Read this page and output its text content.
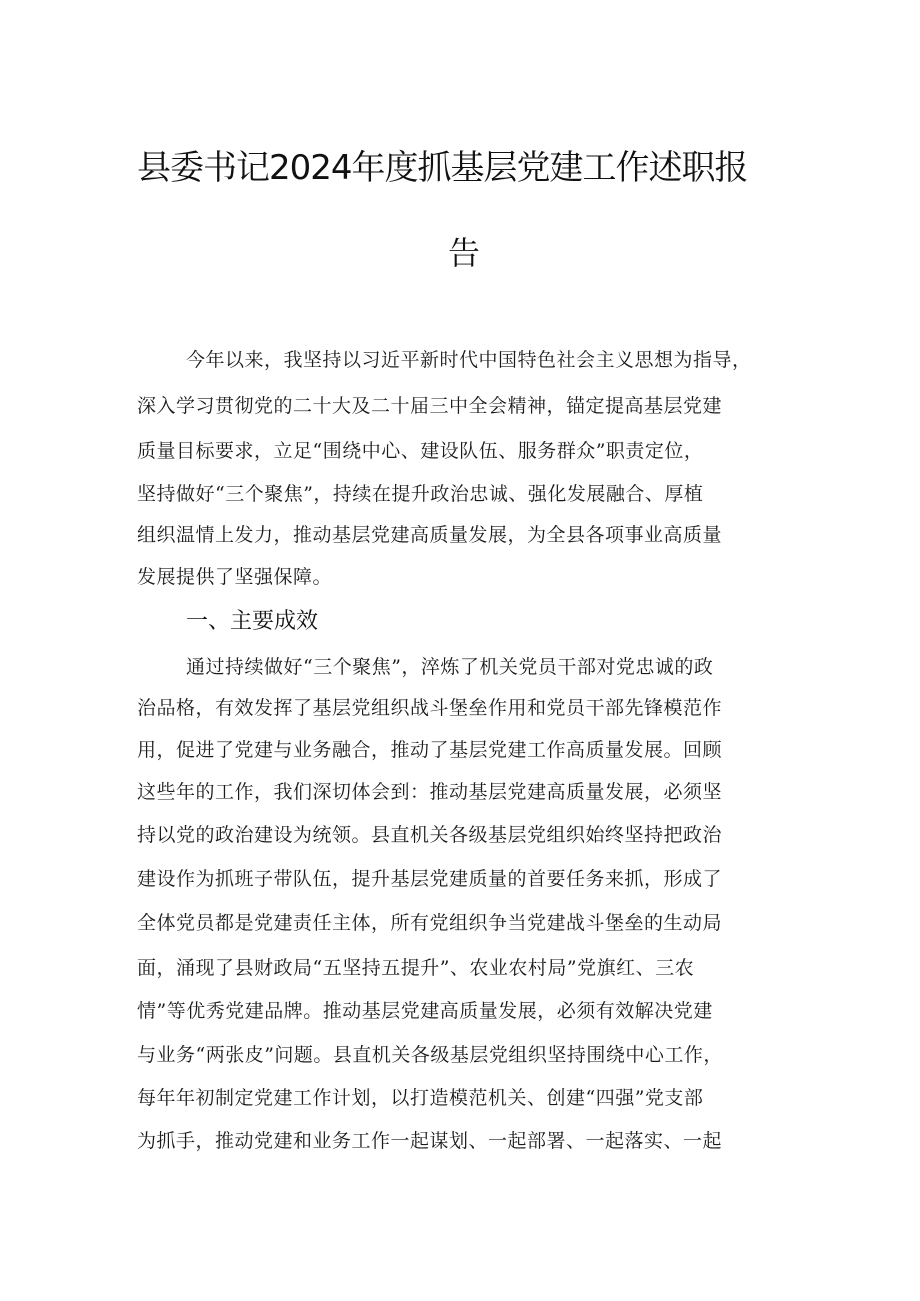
县委书记2024年度抓基层党建工作述职报
告

今年以来，我坚持以习近平新时代中国特色社会主义思想为指导，

深入学习贯彻党的二十大及二十届三中全会精神，锚定提高基层党建

质量目标要求，立足“围绕中心、建设队伍、服务群众”职责定位，

坚持做好“三个聚焦”，持续在提升政治忠诚、强化发展融合、厚植

组织温情上发力，推动基层党建高质量发展，为全县各项事业高质量

发展提供了坚强保障。

一、主要成效

通过持续做好“三个聚焦”，淬炼了机关党员干部对党忠诚的政

治品格，有效发挥了基层党组织战斗堡垒作用和党员干部先锋模范作

用，促进了党建与业务融合，推动了基层党建工作高质量发展。回顾

这些年的工作，我们深切体会到：推动基层党建高质量发展，必须坚

持以党的政治建设为统领。县直机关各级基层党组织始终坚持把政治

建设作为抓班子带队伍，提升基层党建质量的首要任务来抓，形成了

全体党员都是党建责任主体，所有党组织争当党建战斗堡垒的生动局

面，涌现了县财政局“五坚持五提升”、农业农村局”党旗红、三农

情”等优秀党建品牌。推动基层党建高质量发展，必须有效解决党建

与业务“两张皮”问题。县直机关各级基层党组织坚持围绕中心工作，

每年年初制定党建工作计划，以打造模范机关、创建“四强”党支部

为抓手，推动党建和业务工作一起谋划、一起部署、一起落实、一起
